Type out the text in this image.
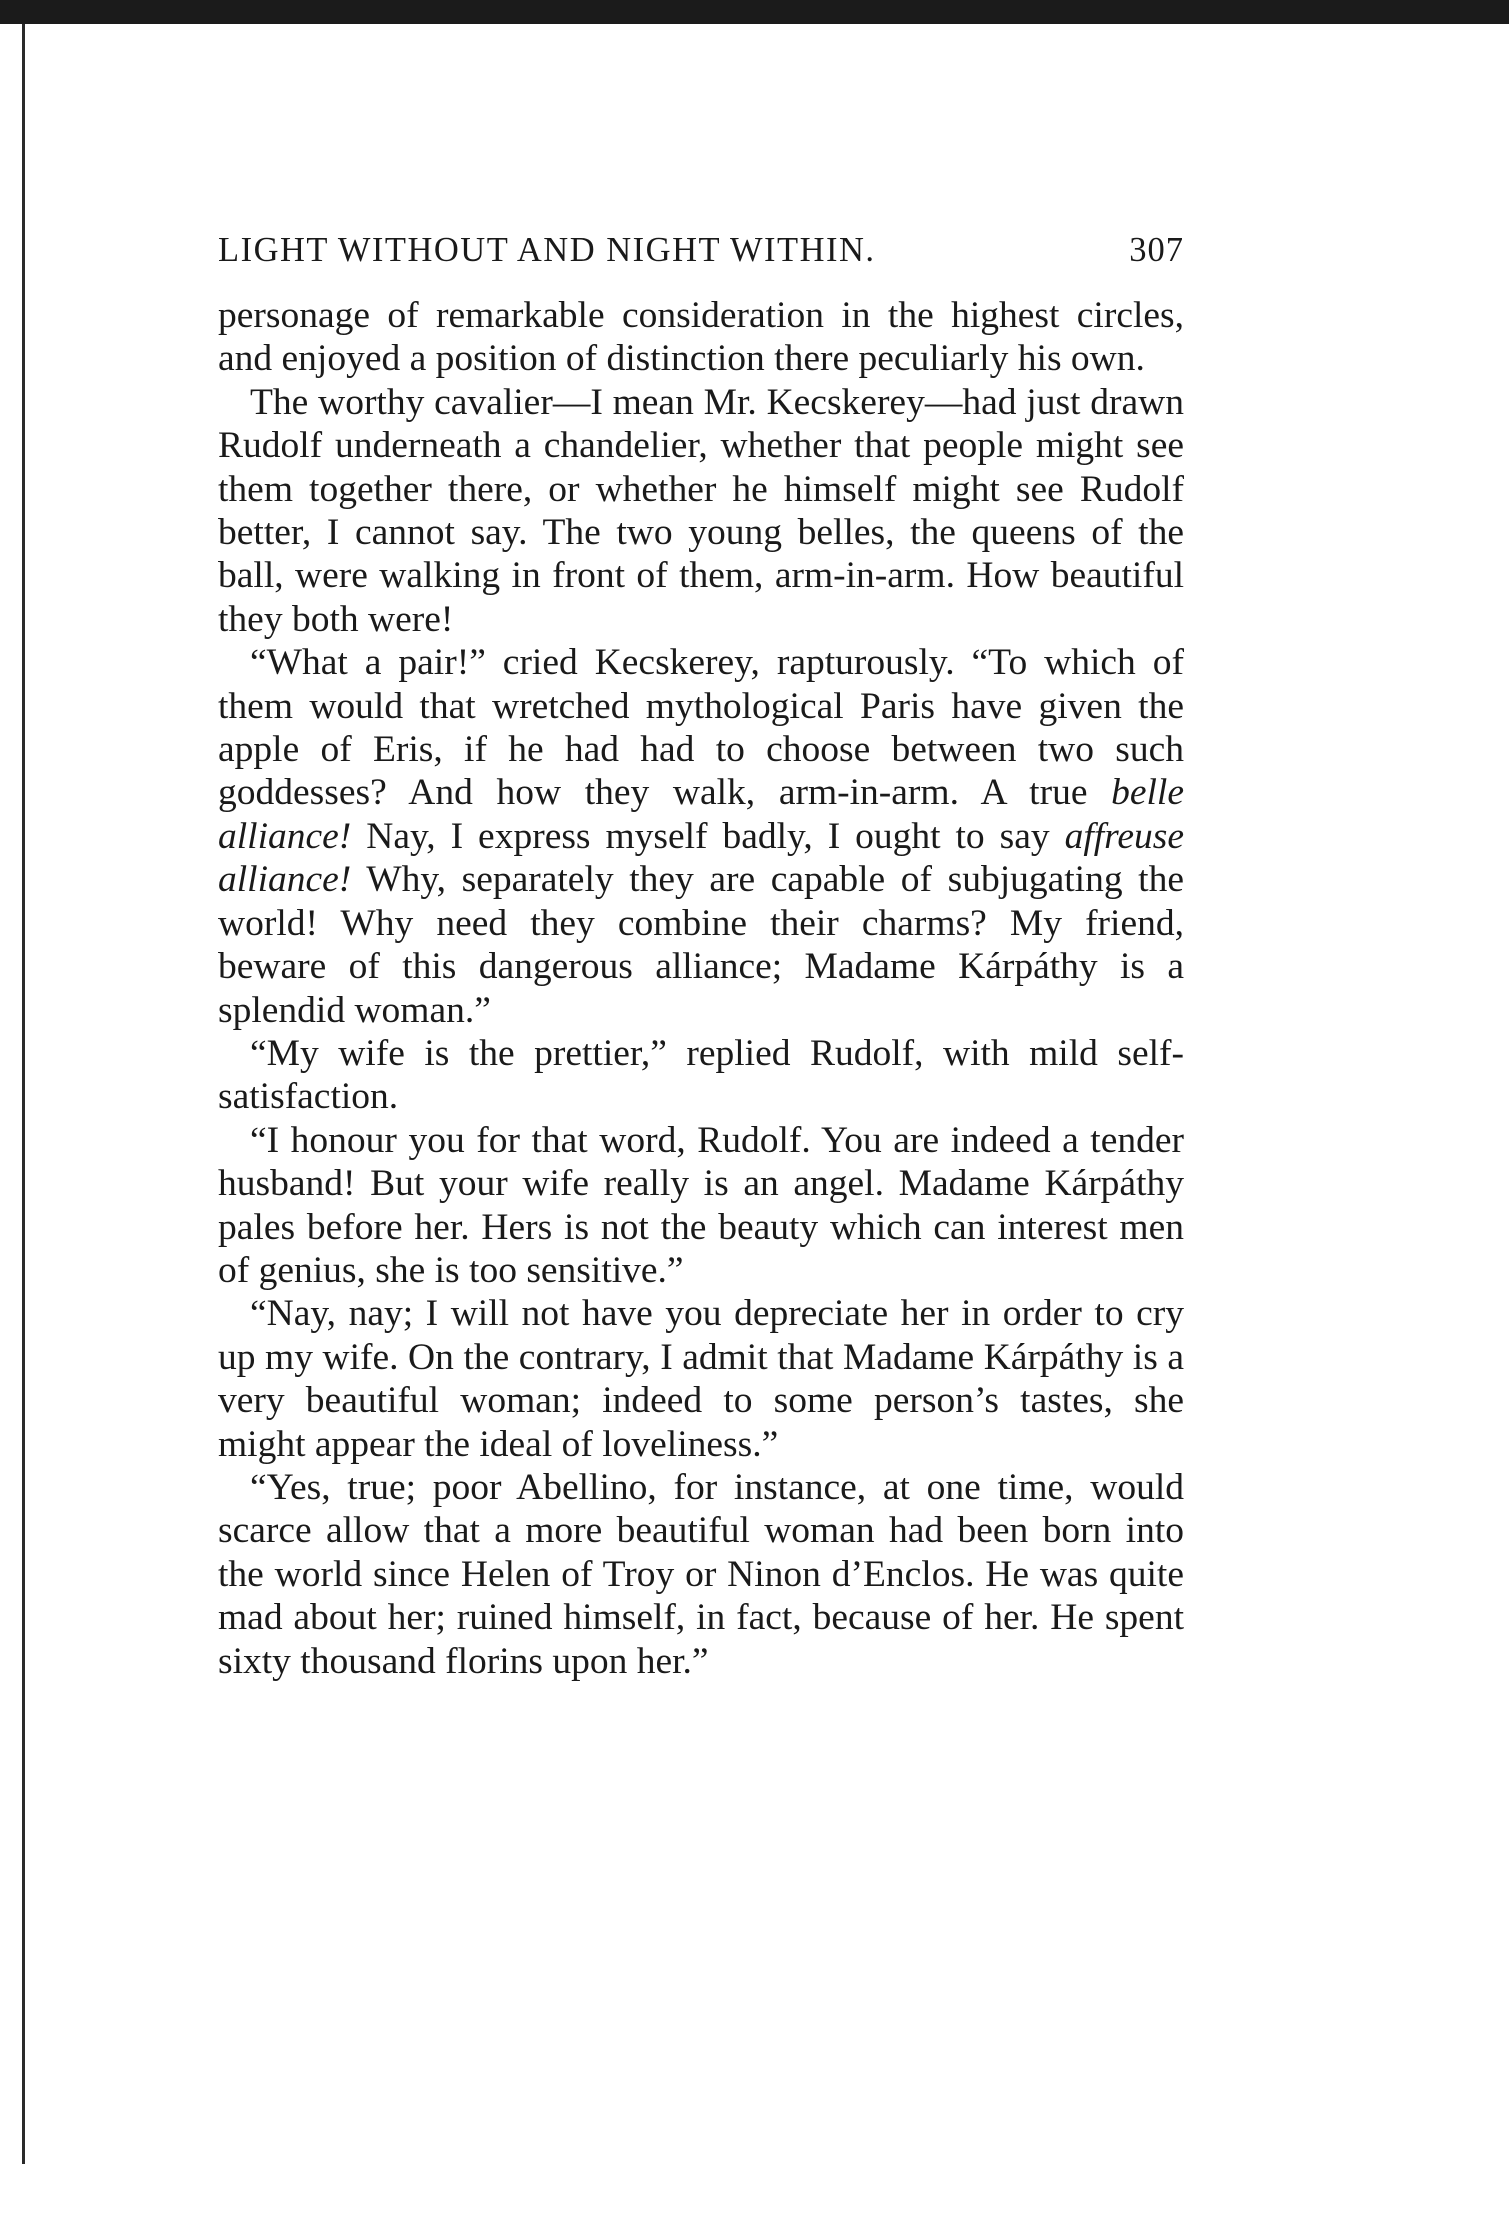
LIGHT WITHOUT AND NIGHT WITHIN.	307

personage of remarkable consideration in the highest circles, and enjoyed a position of distinction there peculiarly his own.

The worthy cavalier—I mean Mr. Kecskerey—had just drawn Rudolf underneath a chandelier, whether that people might see them together there, or whether he himself might see Rudolf better, I cannot say. The two young belles, the queens of the ball, were walking in front of them, arm-in-arm. How beautiful they both were!

“What a pair!” cried Kecskerey, rapturously. “To which of them would that wretched mythological Paris have given the apple of Eris, if he had had to choose between two such goddesses? And how they walk, arm-in-arm. A true belle alliance! Nay, I express myself badly, I ought to say affreuse alliance! Why, separately they are capable of subjugating the world! Why need they combine their charms? My friend, beware of this dangerous alliance; Madame Kárpáthy is a splendid woman.”

“My wife is the prettier,” replied Rudolf, with mild self-satisfaction.

“I honour you for that word, Rudolf. You are indeed a tender husband! But your wife really is an angel. Madame Kárpáthy pales before her. Hers is not the beauty which can interest men of genius, she is too sensitive.”

“Nay, nay; I will not have you depreciate her in order to cry up my wife. On the contrary, I admit that Madame Kárpáthy is a very beautiful woman; indeed to some person’s tastes, she might appear the ideal of loveliness.”

“Yes, true; poor Abellino, for instance, at one time, would scarce allow that a more beautiful woman had been born into the world since Helen of Troy or Ninon d’Enclos. He was quite mad about her; ruined himself, in fact, because of her. He spent sixty thousand florins upon her.”
